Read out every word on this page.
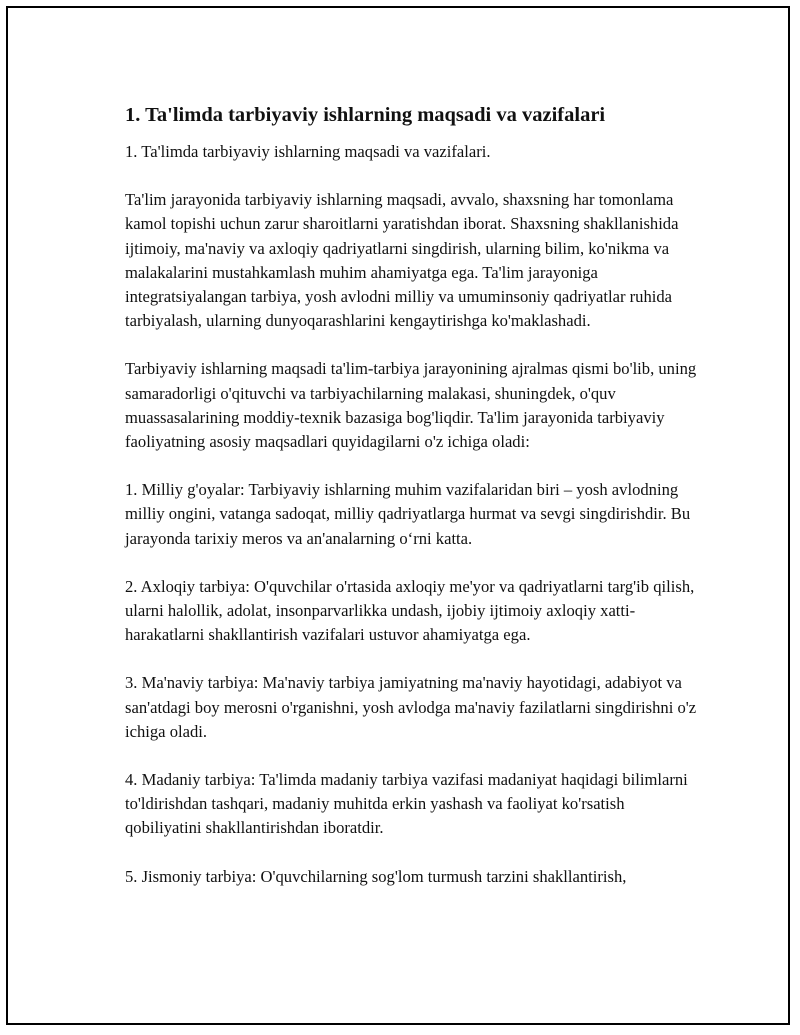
1. Ta'limda tarbiyaviy ishlarning maqsadi va vazifalari

1. Ta'limda tarbiyaviy ishlarning maqsadi va vazifalari.

Ta'lim jarayonida tarbiyaviy ishlarning maqsadi, avvalo, shaxsning har tomonlama kamol topishi uchun zarur sharoitlarni yaratishdan iborat. Shaxsning shakllanishida ijtimoiy, ma'naviy va axloqiy qadriyatlarni singdirish, ularning bilim, ko'nikma va malakalarini mustahkamlash muhim ahamiyatga ega. Ta'lim jarayoniga integratsiyalangan tarbiya, yosh avlodni milliy va umuminsoniy qadriyatlar ruhida tarbiyalash, ularning dunyoqarashlarini kengaytirishga ko'maklashadi.

Tarbiyaviy ishlarning maqsadi ta'lim-tarbiya jarayonining ajralmas qismi bo'lib, uning samaradorligi o'qituvchi va tarbiyachilarning malakasi, shuningdek, o'quv muassasalarining moddiy-texnik bazasiga bog'liqdir. Ta'lim jarayonida tarbiyaviy faoliyatning asosiy maqsadlari quyidagilarni o'z ichiga oladi:

1. Milliy g'oyalar: Tarbiyaviy ishlarning muhim vazifalaridan biri – yosh avlodning milliy ongini, vatanga sadoqat, milliy qadriyatlarga hurmat va sevgi singdirishdir. Bu jarayonda tarixiy meros va an'analarning o‘rni katta.

2. Axloqiy tarbiya: O'quvchilar o'rtasida axloqiy me'yor va qadriyatlarni targ'ib qilish, ularni halollik, adolat, insonparvarlikka undash, ijobiy ijtimoiy axloqiy xatti-harakatlarni shakllantirish vazifalari ustuvor ahamiyatga ega.

3. Ma'naviy tarbiya: Ma'naviy tarbiya jamiyatning ma'naviy hayotidagi, adabiyot va san'atdagi boy merosni o'rganishni, yosh avlodga ma'naviy fazilatlarni singdirishni o'z ichiga oladi.

4. Madaniy tarbiya: Ta'limda madaniy tarbiya vazifasi madaniyat haqidagi bilimlarni to'ldirishdan tashqari, madaniy muhitda erkin yashash va faoliyat ko'rsatish qobiliyatini shakllantirishdan iboratdir.

5. Jismoniy tarbiya: O'quvchilarning sog'lom turmush tarzini shakllantirish,
